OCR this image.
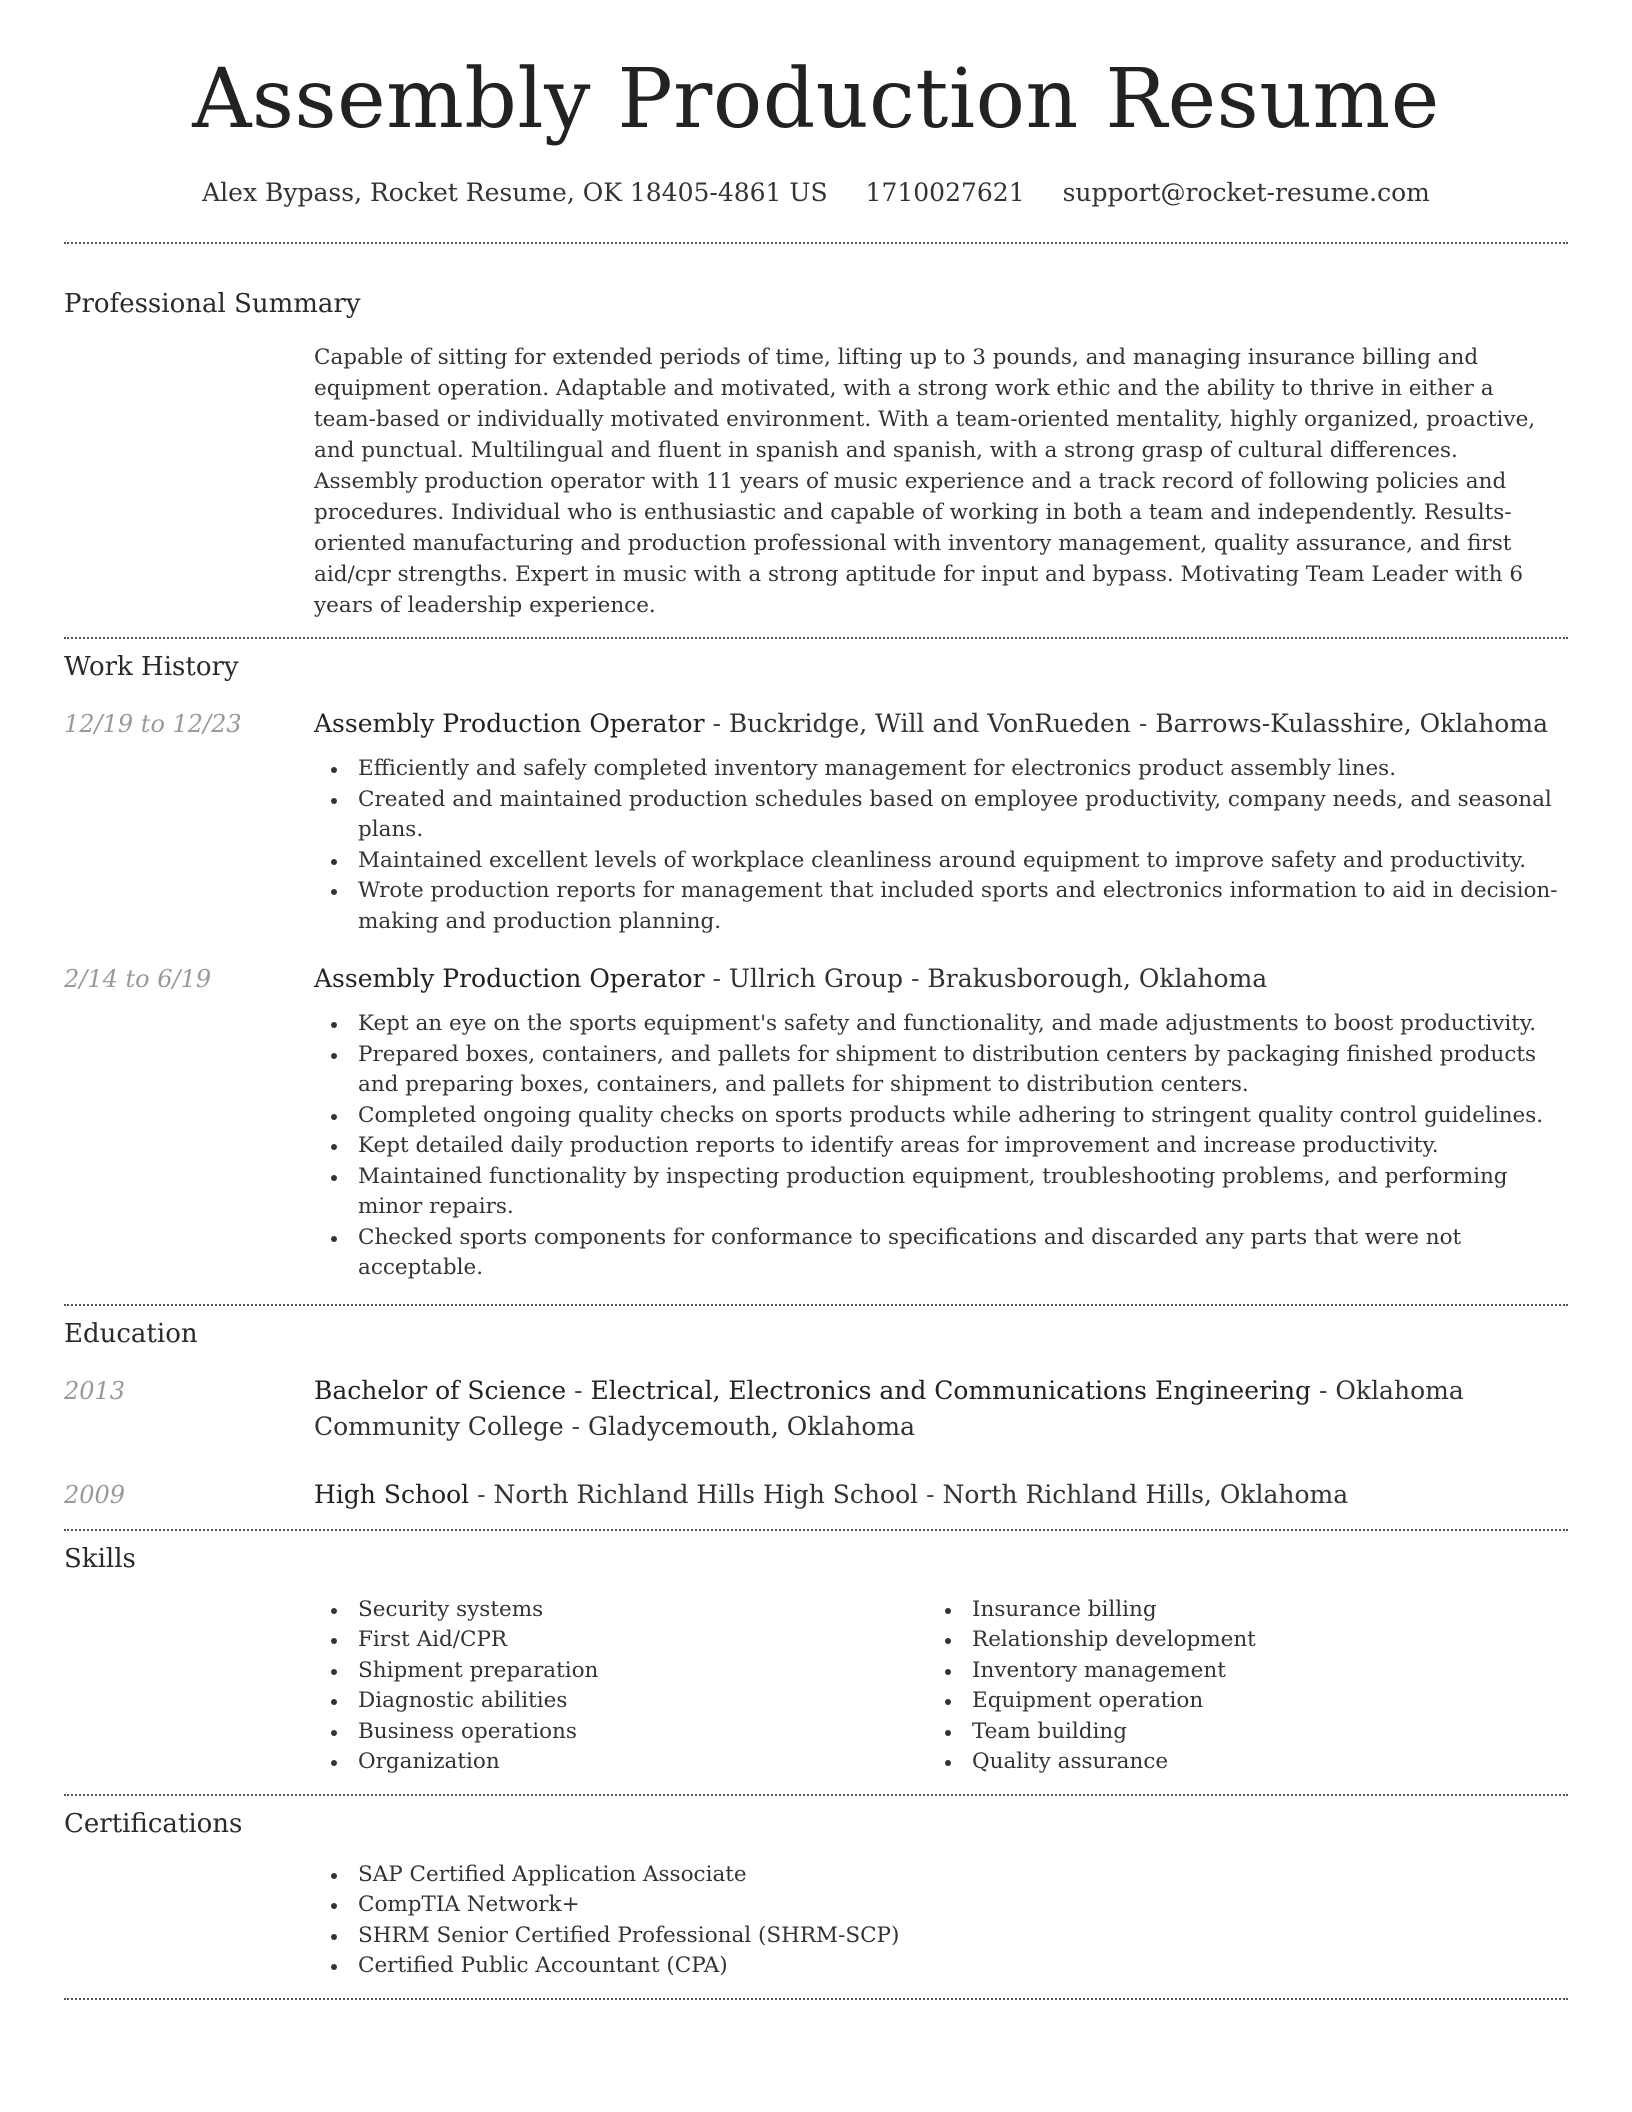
Assembly Production Resume
Alex Bypass, Rocket Resume, OK 18405-4861 US 1710027621 support@rocket-resume.com
Professional Summary

Capable of sitting for extended periods of time, lifting up to 3 pounds, and managing insurance billing and equipment operation. Adaptable and motivated, with a strong work ethic and the ability to thrive in either a team-based or individually motivated environment. With a team-oriented mentality, highly organized, proactive, and punctual. Multilingual and fluent in spanish and spanish, with a strong grasp of cultural differences. Assembly production operator with 11 years of music experience and a track record of following policies and procedures. Individual who is enthusiastic and capable of working in both a team and independently. Results-oriented manufacturing and production professional with inventory management, quality assurance, and first aid/cpr strengths. Expert in music with a strong aptitude for input and bypass. Motivating Team Leader with 6 years of leadership experience.

Work History
12/19 to 12/23	Assembly Production Operator - Buckridge, Will and VonRueden - Barrows-Kulasshire, Oklahoma
Efficiently and safely completed inventory management for electronics product assembly lines.
Created and maintained production schedules based on employee productivity, company needs, and seasonal plans.
Maintained excellent levels of workplace cleanliness around equipment to improve safety and productivity.
Wrote production reports for management that included sports and electronics information to aid in decision-making and production planning.
2/14 to 6/19	Assembly Production Operator - Ullrich Group - Brakusborough, Oklahoma
Kept an eye on the sports equipment's safety and functionality, and made adjustments to boost productivity.
Prepared boxes, containers, and pallets for shipment to distribution centers by packaging finished products and preparing boxes, containers, and pallets for shipment to distribution centers.
Completed ongoing quality checks on sports products while adhering to stringent quality control guidelines.
Kept detailed daily production reports to identify areas for improvement and increase productivity.
Maintained functionality by inspecting production equipment, troubleshooting problems, and performing minor repairs.
Checked sports components for conformance to specifications and discarded any parts that were not acceptable.
Education
2013	Bachelor of Science - Electrical, Electronics and Communications Engineering - Oklahoma Community College - Gladycemouth, Oklahoma
2009	High School - North Richland Hills High School - North Richland Hills, Oklahoma
Skills
Security systems
First Aid/CPR
Shipment preparation
Diagnostic abilities
Business operations
Organization
Insurance billing
Relationship development
Inventory management
Equipment operation
Team building
Quality assurance
Certifications
SAP Certified Application Associate
CompTIA Network+
SHRM Senior Certified Professional (SHRM-SCP)
Certified Public Accountant (CPA)
